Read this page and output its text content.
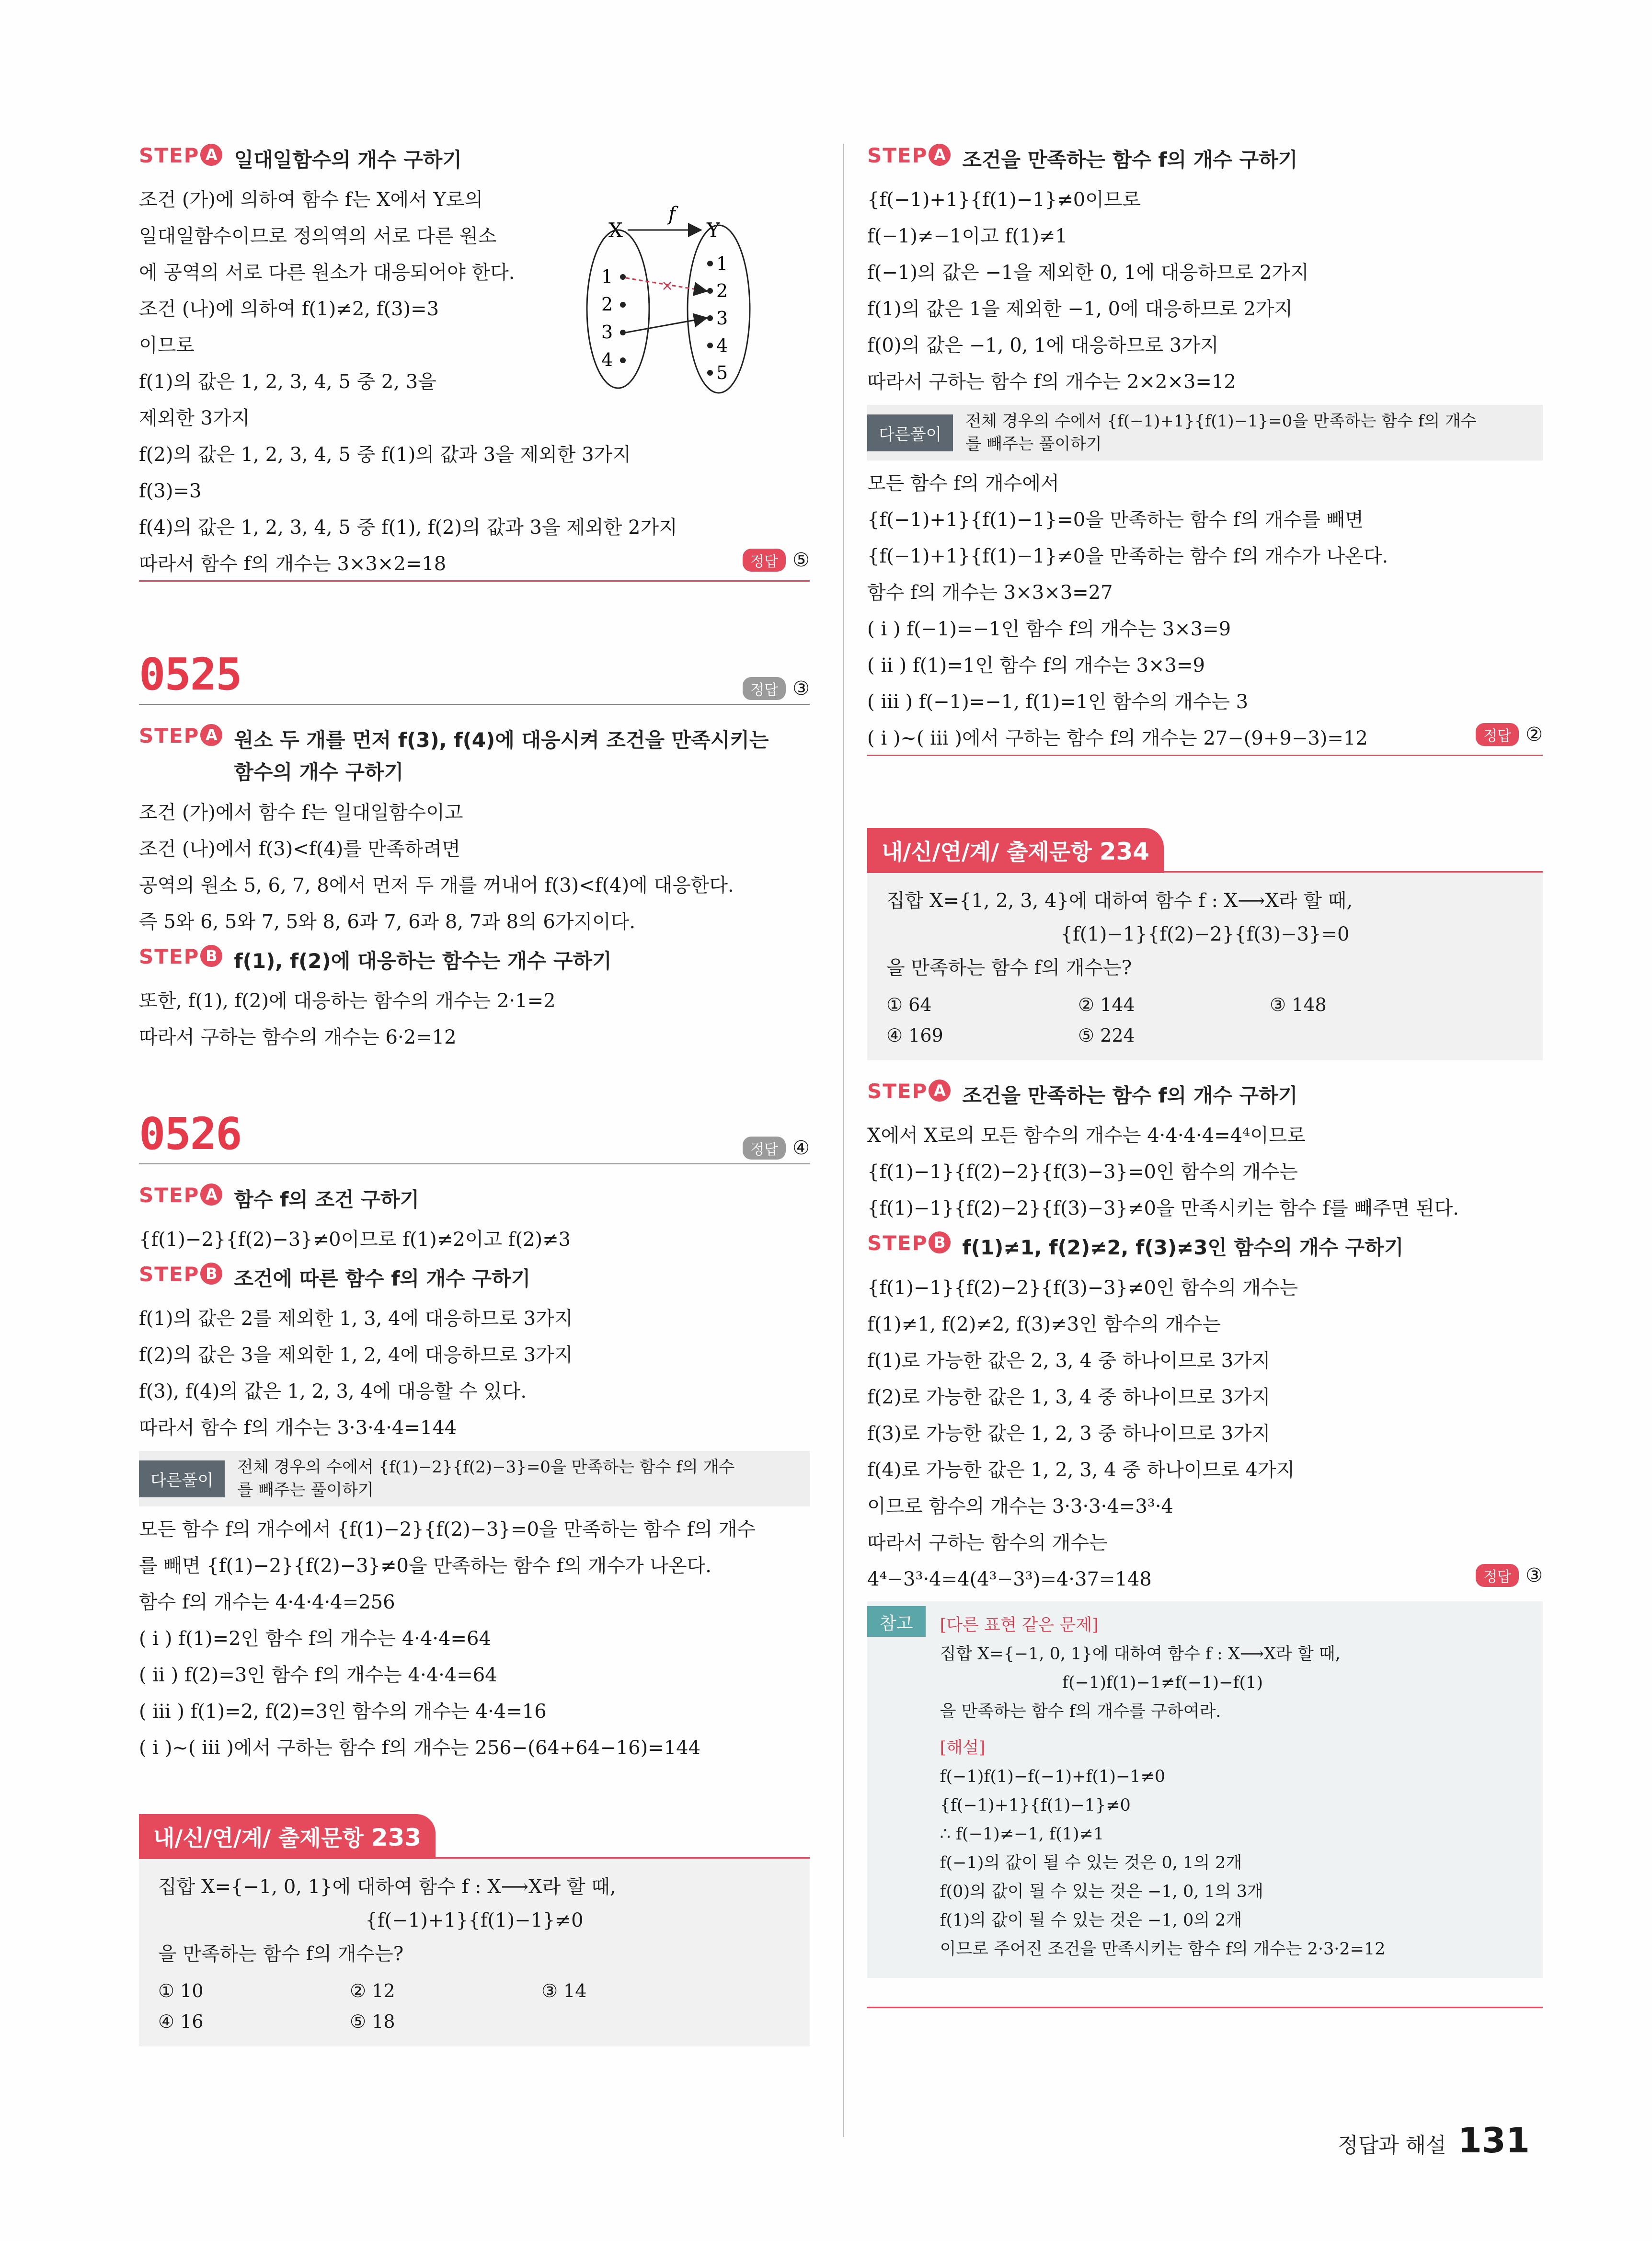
STEP A 일대일함수의 개수 구하기
조건 (가)에 의하여 함수 f는 X에서 Y로의
일대일함수이므로 정의역의 서로 다른 원소
에 공역의 서로 다른 원소가 대응되어야 한다.
조건 (나)에 의하여 f(1)≠2, f(3)=3
이므로
f(1)의 값은 1, 2, 3, 4, 5 중 2, 3을
제외한 3가지
f(2)의 값은 1, 2, 3, 4, 5 중 f(1)의 값과 3을 제외한 3가지
f(3)=3
f(4)의 값은 1, 2, 3, 4, 5 중 f(1), f(2)의 값과 3을 제외한 2가지
따라서 함수 f의 개수는 3×3×2=18	정답 ⑤
f
X	Y
1
2
3
4
1
2
3
4
5
×
0525	정답 ③
STEP A 원소 두 개를 먼저 f(3), f(4)에 대응시켜 조건을 만족시키는
함수의 개수 구하기
조건 (가)에서 함수 f는 일대일함수이고
조건 (나)에서 f(3)<f(4)를 만족하려면
공역의 원소 5, 6, 7, 8에서 먼저 두 개를 꺼내어 f(3)<f(4)에 대응한다.
즉 5와 6, 5와 7, 5와 8, 6과 7, 6과 8, 7과 8의 6가지이다.
STEP B f(1), f(2)에 대응하는 함수는 개수 구하기
또한, f(1), f(2)에 대응하는 함수의 개수는 2·1=2
따라서 구하는 함수의 개수는 6·2=12
0526	정답 ④
STEP A 함수 f의 조건 구하기
{f(1)−2}{f(2)−3}≠0이므로 f(1)≠2이고 f(2)≠3
STEP B 조건에 따른 함수 f의 개수 구하기
f(1)의 값은 2를 제외한 1, 3, 4에 대응하므로 3가지
f(2)의 값은 3을 제외한 1, 2, 4에 대응하므로 3가지
f(3), f(4)의 값은 1, 2, 3, 4에 대응할 수 있다.
따라서 함수 f의 개수는 3·3·4·4=144
다른풀이
전체 경우의 수에서 {f(1)−2}{f(2)−3}=0을 만족하는 함수 f의 개수
를 빼주는 풀이하기
모든 함수 f의 개수에서 {f(1)−2}{f(2)−3}=0을 만족하는 함수 f의 개수
를 빼면 {f(1)−2}{f(2)−3}≠0을 만족하는 함수 f의 개수가 나온다.
함수 f의 개수는 4·4·4·4=256
( i ) f(1)=2인 함수 f의 개수는 4·4·4=64
( ii ) f(2)=3인 함수 f의 개수는 4·4·4=64
( iii ) f(1)=2, f(2)=3인 함수의 개수는 4·4=16
( i )~( iii )에서 구하는 함수 f의 개수는 256−(64+64−16)=144
내/신/연/계/ 출제문항 233
집합 X={−1, 0, 1}에 대하여 함수 f : X⟶X라 할 때,
{f(−1)+1}{f(1)−1}≠0
을 만족하는 함수 f의 개수는?
① 10	② 12	③ 14
④ 16	⑤ 18
STEP A 조건을 만족하는 함수 f의 개수 구하기
{f(−1)+1}{f(1)−1}≠0이므로
f(−1)≠−1이고 f(1)≠1
f(−1)의 값은 −1을 제외한 0, 1에 대응하므로 2가지
f(1)의 값은 1을 제외한 −1, 0에 대응하므로 2가지
f(0)의 값은 −1, 0, 1에 대응하므로 3가지
따라서 구하는 함수 f의 개수는 2×2×3=12
다른풀이
전체 경우의 수에서 {f(−1)+1}{f(1)−1}=0을 만족하는 함수 f의 개수
를 빼주는 풀이하기
모든 함수 f의 개수에서
{f(−1)+1}{f(1)−1}=0을 만족하는 함수 f의 개수를 빼면
{f(−1)+1}{f(1)−1}≠0을 만족하는 함수 f의 개수가 나온다.
함수 f의 개수는 3×3×3=27
( i ) f(−1)=−1인 함수 f의 개수는 3×3=9
( ii ) f(1)=1인 함수 f의 개수는 3×3=9
( iii ) f(−1)=−1, f(1)=1인 함수의 개수는 3
( i )~( iii )에서 구하는 함수 f의 개수는 27−(9+9−3)=12	정답 ②
내/신/연/계/ 출제문항 234
집합 X={1, 2, 3, 4}에 대하여 함수 f : X⟶X라 할 때,
{f(1)−1}{f(2)−2}{f(3)−3}=0
을 만족하는 함수 f의 개수는?
① 64	② 144	③ 148
④ 169	⑤ 224
STEP A 조건을 만족하는 함수 f의 개수 구하기
X에서 X로의 모든 함수의 개수는 4·4·4·4=4⁴이므로
{f(1)−1}{f(2)−2}{f(3)−3}=0인 함수의 개수는
{f(1)−1}{f(2)−2}{f(3)−3}≠0을 만족시키는 함수 f를 빼주면 된다.
STEP B f(1)≠1, f(2)≠2, f(3)≠3인 함수의 개수 구하기
{f(1)−1}{f(2)−2}{f(3)−3}≠0인 함수의 개수는
f(1)≠1, f(2)≠2, f(3)≠3인 함수의 개수는
f(1)로 가능한 값은 2, 3, 4 중 하나이므로 3가지
f(2)로 가능한 값은 1, 3, 4 중 하나이므로 3가지
f(3)로 가능한 값은 1, 2, 3 중 하나이므로 3가지
f(4)로 가능한 값은 1, 2, 3, 4 중 하나이므로 4가지
이므로 함수의 개수는 3·3·3·4=3³·4
따라서 구하는 함수의 개수는
4⁴−3³·4=4(4³−3³)=4·37=148	정답 ③
참고	[다른 표현 같은 문제]
집합 X={−1, 0, 1}에 대하여 함수 f : X⟶X라 할 때,
f(−1)f(1)−1≠f(−1)−f(1)
을 만족하는 함수 f의 개수를 구하여라.
[해설]
f(−1)f(1)−f(−1)+f(1)−1≠0
{f(−1)+1}{f(1)−1}≠0
∴ f(−1)≠−1, f(1)≠1
f(−1)의 값이 될 수 있는 것은 0, 1의 2개
f(0)의 값이 될 수 있는 것은 −1, 0, 1의 3개
f(1)의 값이 될 수 있는 것은 −1, 0의 2개
이므로 주어진 조건을 만족시키는 함수 f의 개수는 2·3·2=12
정답과 해설 131
